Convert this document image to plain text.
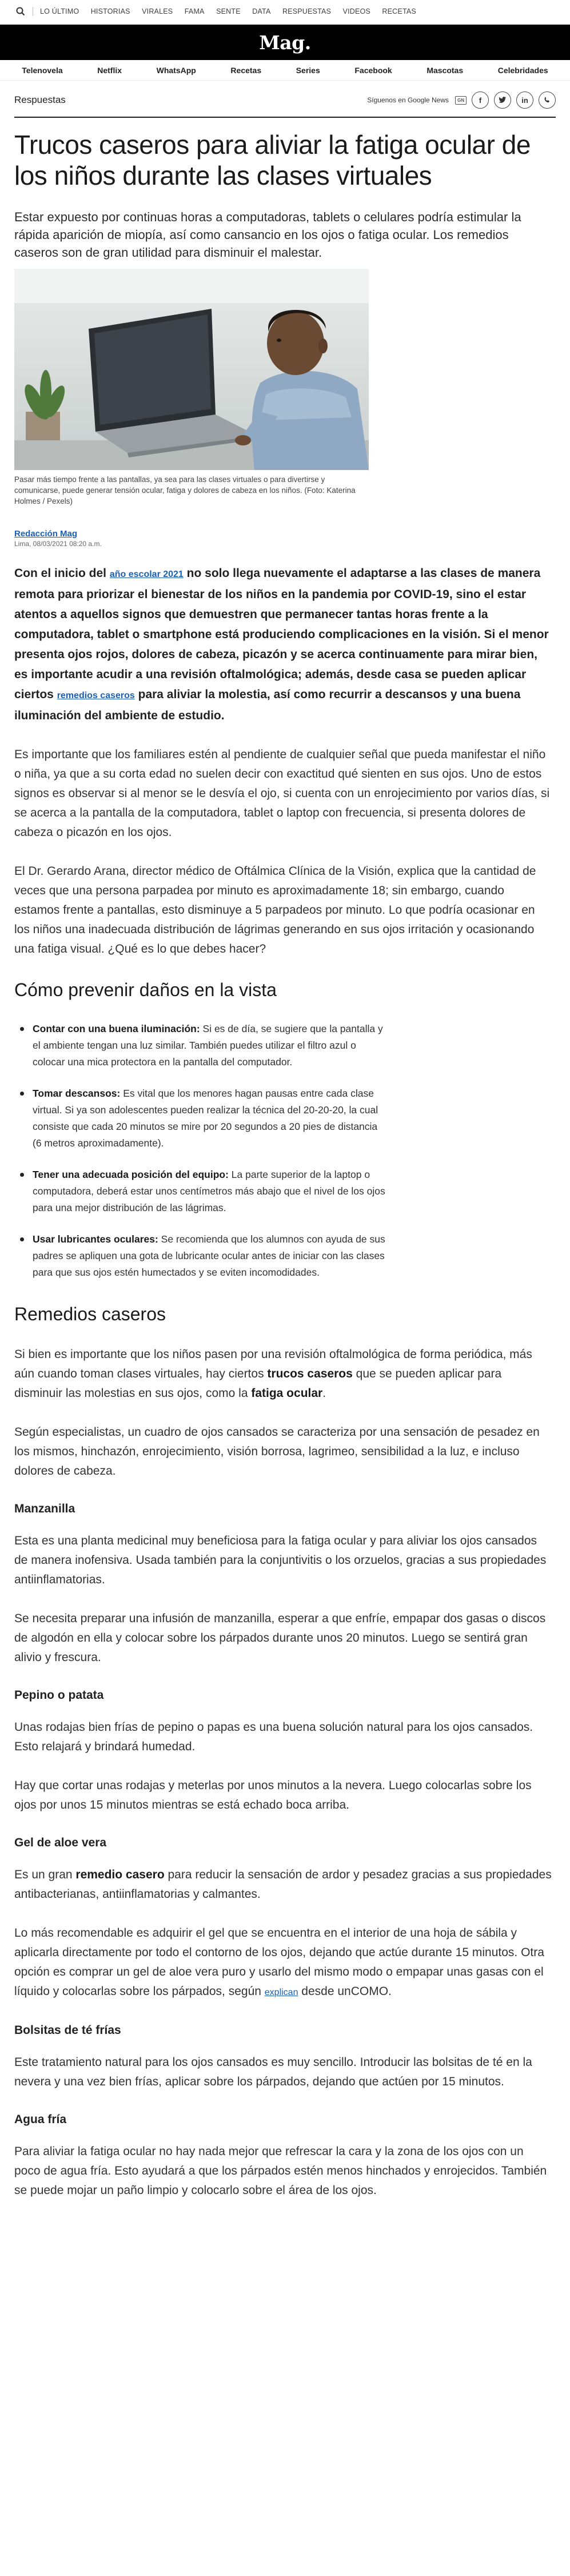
LO ÚLTIMO HISTORIAS VIRALES FAMA SENTE DATA RESPUESTAS VIDEOS RECETAS
Mag.
Telenovela	Netflix	WhatsApp	Recetas	Series	Facebook	Mascotas	Celebridades
Respuestas	Síguenos en Google News	GN	f	in
Trucos caseros para aliviar la fatiga ocular de los niños durante las clases virtuales

Estar expuesto por continuas horas a computadoras, tablets o celulares podría estimular la rápida aparición de miopía, así como cansancio en los ojos o fatiga ocular. Los remedios caseros son de gran utilidad para disminuir el malestar.

Pasar más tiempo frente a las pantallas, ya sea para las clases virtuales o para divertirse y comunicarse, puede generar tensión ocular, fatiga y dolores de cabeza en los niños. (Foto: Katerina Holmes / Pexels)

Redacción Mag
Lima, 08/03/2021 08:20 a.m.

Con el inicio del año escolar 2021 no solo llega nuevamente el adaptarse a las clases de manera remota para priorizar el bienestar de los niños en la pandemia por COVID-19, sino el estar atentos a aquellos signos que demuestren que permanecer tantas horas frente a la computadora, tablet o smartphone está produciendo complicaciones en la visión. Si el menor presenta ojos rojos, dolores de cabeza, picazón y se acerca continuamente para mirar bien, es importante acudir a una revisión oftalmológica; además, desde casa se pueden aplicar ciertos remedios caseros para aliviar la molestia, así como recurrir a descansos y una buena iluminación del ambiente de estudio.

Es importante que los familiares estén al pendiente de cualquier señal que pueda manifestar el niño o niña, ya que a su corta edad no suelen decir con exactitud qué sienten en sus ojos. Uno de estos signos es observar si al menor se le desvía el ojo, si cuenta con un enrojecimiento por varios días, si se acerca a la pantalla de la computadora, tablet o laptop con frecuencia, si presenta dolores de cabeza o picazón en los ojos.

El Dr. Gerardo Arana, director médico de Oftálmica Clínica de la Visión, explica que la cantidad de veces que una persona parpadea por minuto es aproximadamente 18; sin embargo, cuando estamos frente a pantallas, esto disminuye a 5 parpadeos por minuto. Lo que podría ocasionar en los niños una inadecuada distribución de lágrimas generando en sus ojos irritación y ocasionando una fatiga visual. ¿Qué es lo que debes hacer?

Cómo prevenir daños en la vista
Contar con una buena iluminación: Si es de día, se sugiere que la pantalla y el ambiente tengan una luz similar. También puedes utilizar el filtro azul o colocar una mica protectora en la pantalla del computador.
Tomar descansos: Es vital que los menores hagan pausas entre cada clase virtual. Si ya son adolescentes pueden realizar la técnica del 20-20-20, la cual consiste que cada 20 minutos se mire por 20 segundos a 20 pies de distancia (6 metros aproximadamente).
Tener una adecuada posición del equipo: La parte superior de la laptop o computadora, deberá estar unos centímetros más abajo que el nivel de los ojos para una mejor distribución de las lágrimas.
Usar lubricantes oculares: Se recomienda que los alumnos con ayuda de sus padres se apliquen una gota de lubricante ocular antes de iniciar con las clases para que sus ojos estén humectados y se eviten incomodidades.
Remedios caseros

Si bien es importante que los niños pasen por una revisión oftalmológica de forma periódica, más aún cuando toman clases virtuales, hay ciertos trucos caseros que se pueden aplicar para disminuir las molestias en sus ojos, como la fatiga ocular.

Según especialistas, un cuadro de ojos cansados se caracteriza por una sensación de pesadez en los mismos, hinchazón, enrojecimiento, visión borrosa, lagrimeo, sensibilidad a la luz, e incluso dolores de cabeza.

Manzanilla

Esta es una planta medicinal muy beneficiosa para la fatiga ocular y para aliviar los ojos cansados de manera inofensiva. Usada también para la conjuntivitis o los orzuelos, gracias a sus propiedades antiinflamatorias.

Se necesita preparar una infusión de manzanilla, esperar a que enfríe, empapar dos gasas o discos de algodón en ella y colocar sobre los párpados durante unos 20 minutos. Luego se sentirá gran alivio y frescura.

Pepino o patata

Unas rodajas bien frías de pepino o papas es una buena solución natural para los ojos cansados. Esto relajará y brindará humedad.

Hay que cortar unas rodajas y meterlas por unos minutos a la nevera. Luego colocarlas sobre los ojos por unos 15 minutos mientras se está echado boca arriba.

Gel de aloe vera

Es un gran remedio casero para reducir la sensación de ardor y pesadez gracias a sus propiedades antibacterianas, antiinflamatorias y calmantes.

Lo más recomendable es adquirir el gel que se encuentra en el interior de una hoja de sábila y aplicarla directamente por todo el contorno de los ojos, dejando que actúe durante 15 minutos. Otra opción es comprar un gel de aloe vera puro y usarlo del mismo modo o empapar unas gasas con el líquido y colocarlas sobre los párpados, según explican desde unCOMO.

Bolsitas de té frías

Este tratamiento natural para los ojos cansados es muy sencillo. Introducir las bolsitas de té en la nevera y una vez bien frías, aplicar sobre los párpados, dejando que actúen por 15 minutos.

Agua fría

Para aliviar la fatiga ocular no hay nada mejor que refrescar la cara y la zona de los ojos con un poco de agua fría. Esto ayudará a que los párpados estén menos hinchados y enrojecidos. También se puede mojar un paño limpio y colocarlo sobre el área de los ojos.
